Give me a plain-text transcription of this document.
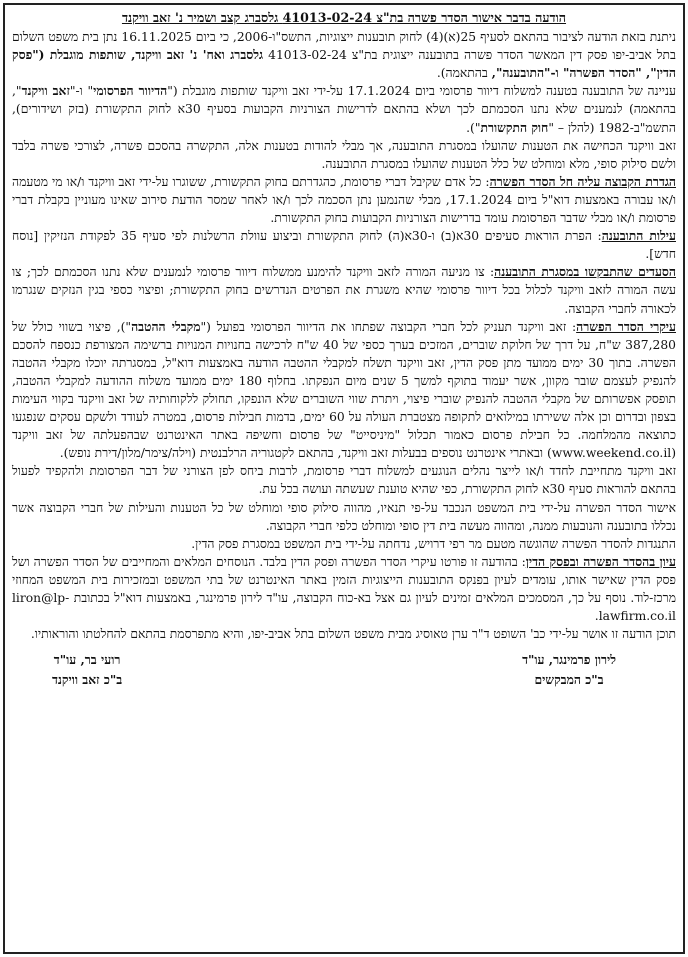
הודעה בדבר אישור הסדר פשרה בת"צ 41013-02-24 גלסברג קצב ושמיר נ' זאב וויקנד

ניתנת בזאת הודעה לציבור בהתאם לסעיף 25(א)(4) לחוק תובענות ייצוגיות, התשס"ו-2006, כי ביום 16.11.2025 נתן בית משפט השלום בתל אביב-יפו פסק דין המאשר הסדר פשרה בתובענה ייצוגית בת"צ 41013-02-24 גלסברג ואח' נ' זאב וויקנד, שותפות מוגבלת ("פסק הדין", "הסדר הפשרה" ו-"התובענה", בהתאמה).

עניינה של התובענה בטענה למשלוח דיוור פרסומי ביום 17.1.2024 על-ידי זאב וויקנד שותפות מוגבלת ("הדיוור הפרסומי" ו-"זאב וויקנד", בהתאמה) לנמענים שלא נתנו הסכמתם לכך ושלא בהתאם לדרישות הצורניות הקבועות בסעיף 30א לחוק התקשורת (בזק ושידורים), התשמ"ב-1982 (להלן – "חוק התקשורת").

זאב וויקנד הכחישה את הטענות שהועלו במסגרת התובענה, אך מבלי להודות בטענות אלה, התקשרה בהסכם פשרה, לצורכי פשרה בלבד ולשם סילוק סופי, מלא ומוחלט של כלל הטענות שהועלו במסגרת התובענה.

הגדרת הקבוצה עליה חל הסדר הפשרה: כל אדם שקיבל דברי פרסומת, כהגדרתם בחוק התקשורת, ששוגרו על-ידי זאב וויקנד ו/או מי מטעמה ו/או עבורה באמצעות דוא"ל ביום 17.1.2024, מבלי שהנמען נתן הסכמה לכך ו/או לאחר שמסר הודעת סירוב שאינו מעוניין בקבלת דברי פרסומת ו/או מבלי שדבר הפרסומת עומד בדרישות הצורניות הקבועות בחוק התקשורת.

עילות התובענה: הפרת הוראות סעיפים 30א(ב) ו-30א(ה) לחוק התקשורת וביצוע עוולת הרשלנות לפי סעיף 35 לפקודת הנזיקין [נוסח חדש].

הסעדים שהתבקשו במסגרת התובענה: צו מניעה המורה לזאב וויקנד להימנע ממשלוח דיוור פרסומי לנמענים שלא נתנו הסכמתם לכך; צו עשה המורה לזאב וויקנד לכלול בכל דיוור פרסומי שהיא משגרת את הפרטים הנדרשים בחוק התקשורת; ופיצוי כספי בגין הנזקים שנגרמו לכאורה לחברי הקבוצה.

עיקרי הסדר הפשרה: זאב וויקנד תעניק לכל חברי הקבוצה שפתחו את הדיוור הפרסומי בפועל ("מקבלי ההטבה"), פיצוי בשווי כולל של 387,280 ש"ח, על דרך של חלוקת שוברים, המזכים בערך כספי של 40 ש"ח לרכישה בחנויות המנויות ברשימה המצורפת כנספח להסכם הפשרה. בתוך 30 ימים ממועד מתן פסק הדין, זאב וויקנד תשלח למקבלי ההטבה הודעה באמצעות דוא"ל, במסגרתה יוכלו מקבלי ההטבה להנפיק לעצמם שובר מקוון, אשר יעמוד בתוקף למשך 5 שנים מיום הנפקתו. בחלוף 180 ימים ממועד משלוח ההודעה למקבלי ההטבה, תופסק אפשרותם של מקבלי ההטבה להנפיק שוברי פיצוי, ויתרת שווי השוברים שלא הונפקו, תחולק ללקוחותיה של זאב וויקנד בקווי העימות בצפון ובדרום וכן אלה ששירתו במילואים לתקופה מצטברת העולה על 60 ימים, בדמות חבילות פרסום, במטרה לעודד ולשקם עסקים שנפגעו כתוצאה מהמלחמה. כל חבילת פרסום כאמור תכלול "מיניסייט" של פרסום וחשיפה באתר האינטרנט שבהפעלתה של זאב וויקנד (www.weekend.co.il) ובאתרי אינטרנט נוספים בבעלות זאב וויקנד, בהתאם לקטגוריה הרלבנטית (וילה/צימר/מלון/דירת נופש).

זאב וויקנד מתחייבת לחדד ו/או לייצר נהלים הנוגעים למשלוח דברי פרסומת, לרבות ביחס לפן הצורני של דבר הפרסומת ולהקפיד לפעול בהתאם להוראות סעיף 30א לחוק התקשורת, כפי שהיא טוענת שעשתה ועושה בכל עת.

אישור הסדר הפשרה על-ידי בית המשפט הנכבד על-פי תנאיו, מהווה סילוק סופי ומוחלט של כל הטענות והעילות של חברי הקבוצה אשר נכללו בתובענה והנובעות ממנה, ומהווה מעשה בית דין סופי ומוחלט כלפי חברי הקבוצה.

התנגדות להסדר הפשרה שהוגשה מטעם מר רפי דרויש, נדחתה על-ידי בית המשפט במסגרת פסק הדין.

עיון בהסדר הפשרה ובפסק הדין: בהודעה זו פורטו עיקרי הסדר הפשרה ופסק הדין בלבד. הנוסחים המלאים והמחייבים של הסדר הפשרה ושל פסק הדין שאישר אותו, עומדים לעיון בפנקס התובענות הייצוגיות הזמין באתר האינטרנט של בתי המשפט ובמזכירות בית המשפט המחוזי מרכז-לוד. נוסף על כך, המסמכים המלאים זמינים לעיון גם אצל בא-כוח הקבוצה, עו"ד לירון פרמינגר, באמצעות דוא"ל בכתובת liron@lp-lawfirm.co.il.

תוכן הודעה זו אושר על-ידי כב' השופט ד"ר ערן טאוסיג מבית משפט השלום בתל אביב-יפו, והיא מתפרסמת בהתאם להחלטתו והוראותיו.

לירון פרמינגר, עו"ד
ב"כ המבקשים
רועי בר, עו"ד
ב"כ זאב וויקנד
